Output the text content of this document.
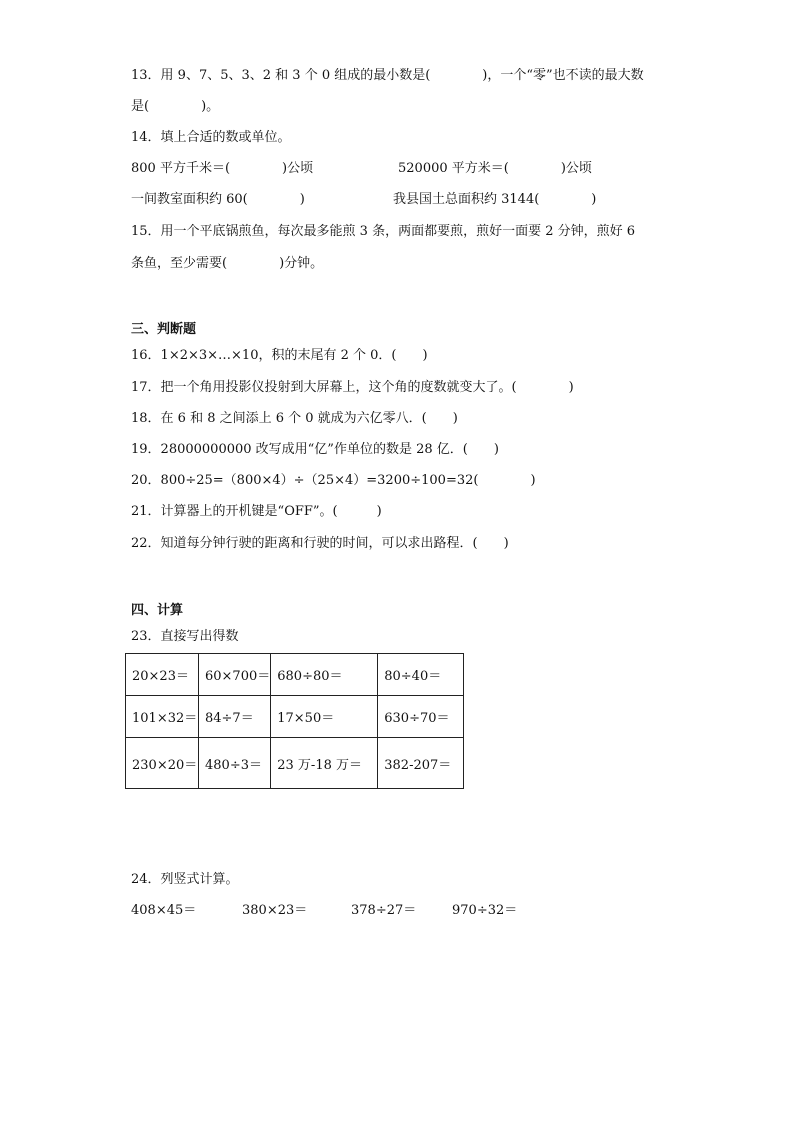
13．用 9、7、5、3、2 和 3 个 0 组成的最小数是(　　　　)，一个“零”也不读的最大数
是(　　　　)。
14．填上合适的数或单位。
800 平方千米＝(　　　　)公顷	520000 平方米＝(　　　　)公顷
一间教室面积约 60(　　　　)	我县国土总面积约 3144(　　　　)
15．用一个平底锅煎鱼，每次最多能煎 3 条，两面都要煎，煎好一面要 2 分钟，煎好 6
条鱼，至少需要(　　　　)分钟。
三、判断题
16．1×2×3×…×10，积的末尾有 2 个 0．(　　)
17．把一个角用投影仪投射到大屏幕上，这个角的度数就变大了。(　　　　)
18．在 6 和 8 之间添上 6 个 0 就成为六亿零八．(　　)
19．28000000000 改写成用“亿”作单位的数是 28 亿．(　　)
20．800÷25=（800×4）÷（25×4）=3200÷100=32(　　　　)
21．计算器上的开机键是“OFF”。(　　　)
22．知道每分钟行驶的距离和行驶的时间，可以求出路程．(　　)
四、计算
23．直接写出得数
20×23＝	60×700＝	680÷80＝	80÷40＝
101×32＝	84÷7＝	17×50＝	630÷70＝
230×20＝	480÷3＝	23 万-18 万＝	382-207＝
24．列竖式计算。
408×45＝	380×23＝	378÷27＝	970÷32＝
